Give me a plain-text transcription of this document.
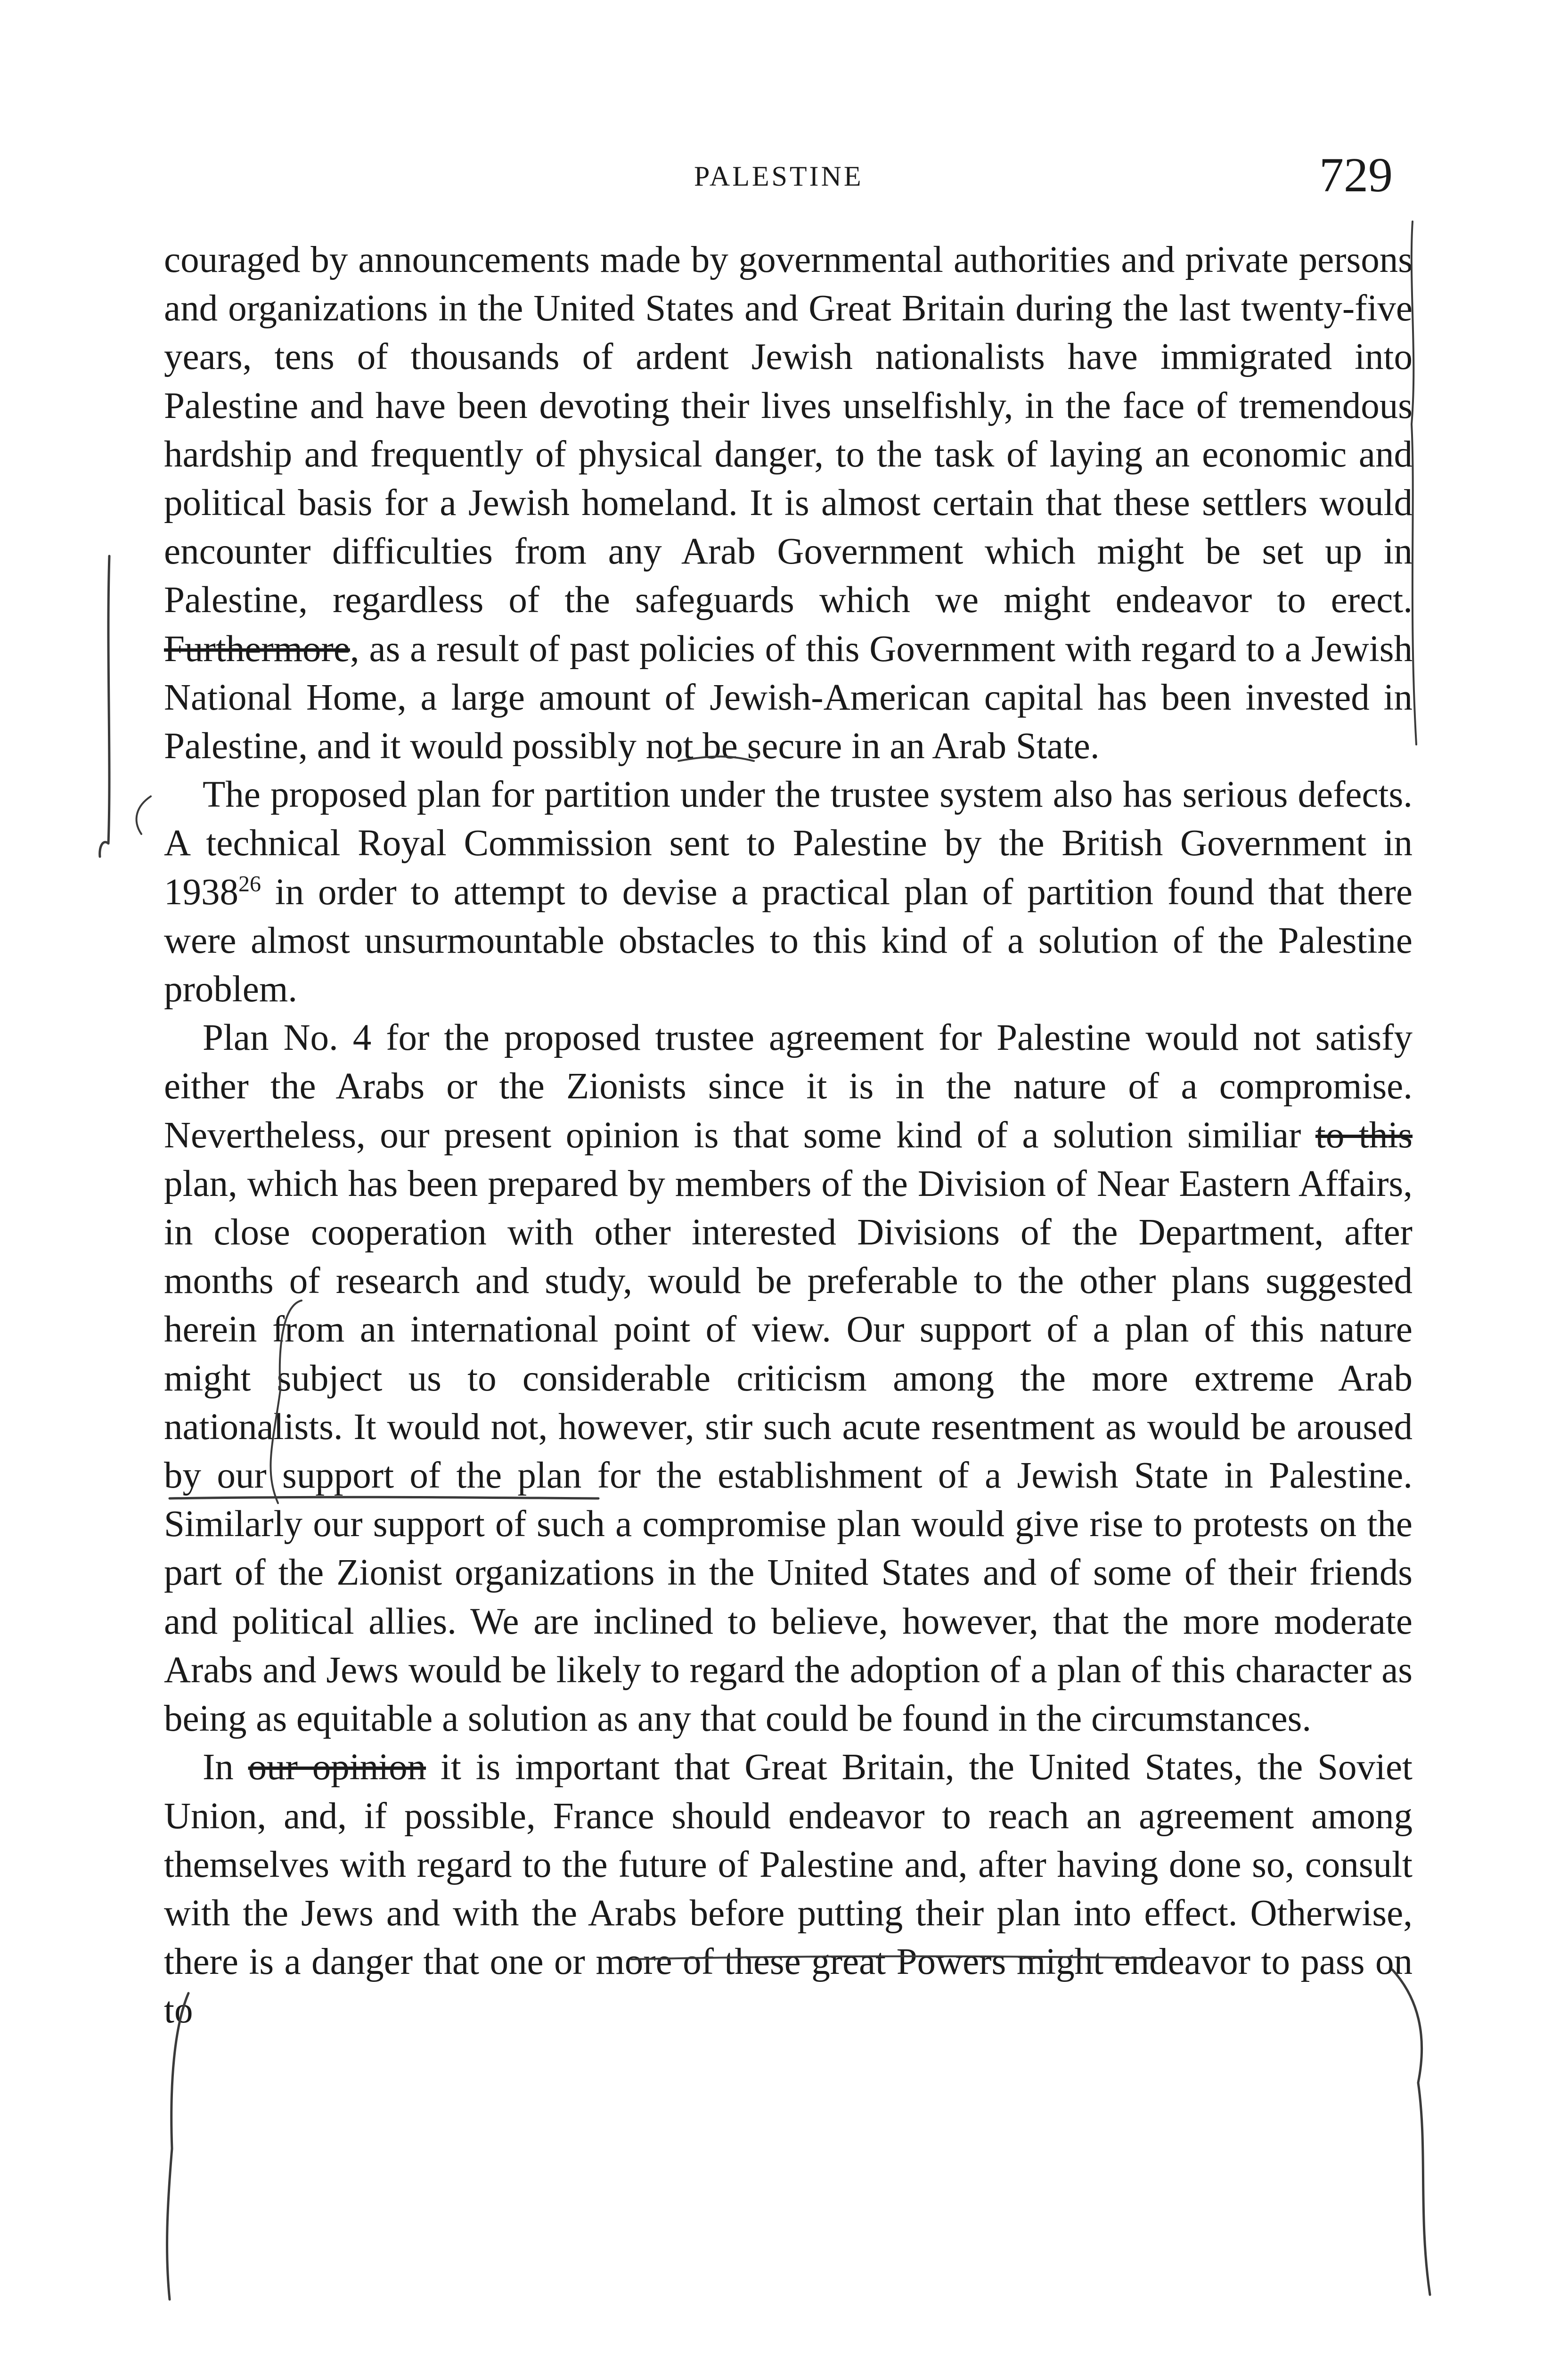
PALESTINE	729

couraged by announcements made by governmental authorities and private persons and organizations in the United States and Great Britain during the last twenty-five years, tens of thousands of ardent Jewish nationalists have immigrated into Palestine and have been devoting their lives unselfishly, in the face of tremendous hardship and frequently of physical danger, to the task of laying an economic and political basis for a Jewish homeland. It is almost certain that these settlers would encounter difficulties from any Arab Government which might be set up in Palestine, regardless of the safeguards which we might endeavor to erect. Furthermore, as a result of past policies of this Government with regard to a Jewish National Home, a large amount of Jewish-American capital has been invested in Palestine, and it would possibly not be secure in an Arab State.

The proposed plan for partition under the trustee system also has serious defects. A technical Royal Commission sent to Palestine by the British Government in 1938$^{26}$ in order to attempt to devise a practical plan of partition found that there were almost unsurmountable obstacles to this kind of a solution of the Palestine problem.

Plan No. 4 for the proposed trustee agreement for Palestine would not satisfy either the Arabs or the Zionists since it is in the nature of a compromise. Nevertheless, our present opinion is that some kind of a solution similiar to this plan, which has been prepared by members of the Division of Near Eastern Affairs, in close cooperation with other interested Divisions of the Department, after months of research and study, would be preferable to the other plans suggested herein from an international point of view. Our support of a plan of this nature might subject us to considerable criticism among the more extreme Arab nationalists. It would not, however, stir such acute resentment as would be aroused by our support of the plan for the establishment of a Jewish State in Palestine. Similarly our support of such a compromise plan would give rise to protests on the part of the Zionist organizations in the United States and of some of their friends and political allies. We are inclined to believe, however, that the more moderate Arabs and Jews would be likely to regard the adoption of a plan of this character as being as equitable a solution as any that could be found in the circumstances.

In our opinion it is important that Great Britain, the United States, the Soviet Union, and, if possible, France should endeavor to reach an agreement among themselves with regard to the future of Palestine and, after having done so, consult with the Jews and with the Arabs before putting their plan into effect. Otherwise, there is a danger that one or more of these great Powers might endeavor to pass on to
